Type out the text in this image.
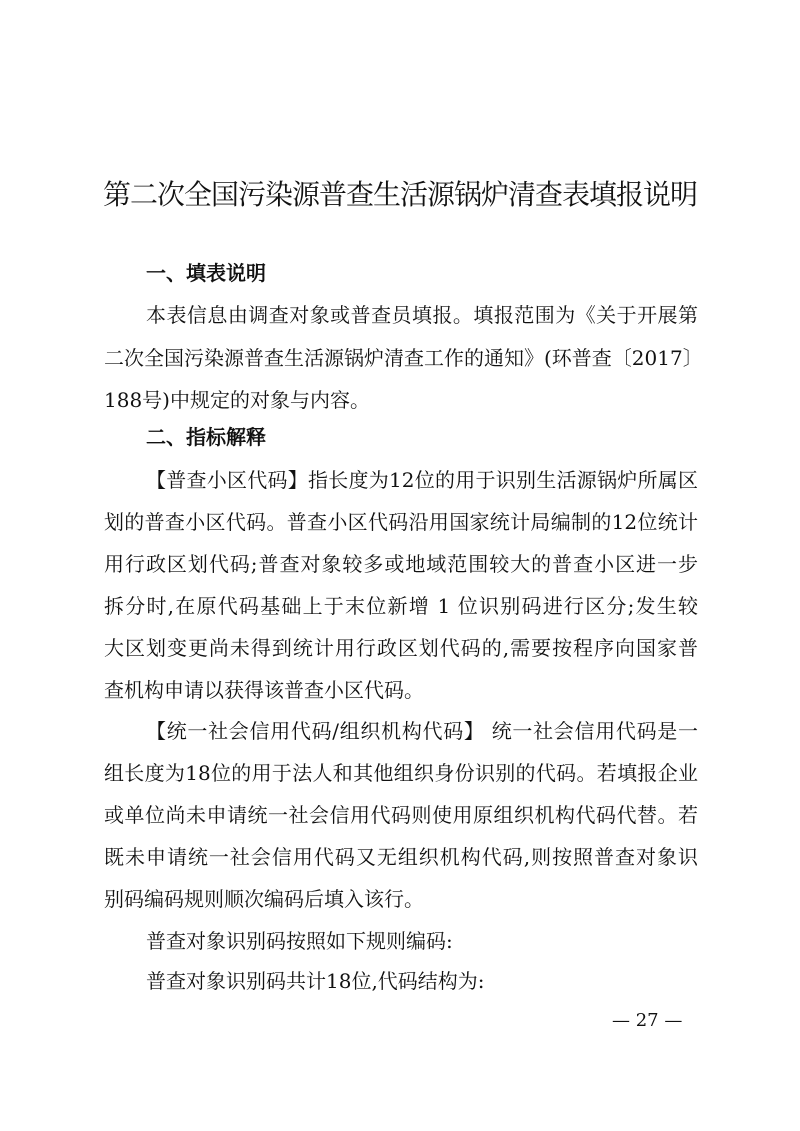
第二次全国污染源普查生活源锅炉清查表填报说明
一、填表说明
本表信息由调查对象或普查员填报。填报范围为《关于开展第
二次全国污染源普查生活源锅炉清查工作的通知》(环普查〔2017〕
188号)中规定的对象与内容。
二、指标解释
【普查小区代码】指长度为12位的用于识别生活源锅炉所属区
划的普查小区代码。普查小区代码沿用国家统计局编制的12位统计
用行政区划代码;普查对象较多或地域范围较大的普查小区进一步
拆分时,在原代码基础上于末位新增 1 位识别码进行区分;发生较
大区划变更尚未得到统计用行政区划代码的,需要按程序向国家普
查机构申请以获得该普查小区代码。
【统一社会信用代码/组织机构代码】 统一社会信用代码是一
组长度为18位的用于法人和其他组织身份识别的代码。若填报企业
或单位尚未申请统一社会信用代码则使用原组织机构代码代替。若
既未申请统一社会信用代码又无组织机构代码,则按照普查对象识
别码编码规则顺次编码后填入该行。
普查对象识别码按照如下规则编码:
普查对象识别码共计18位,代码结构为:
— 27 —
